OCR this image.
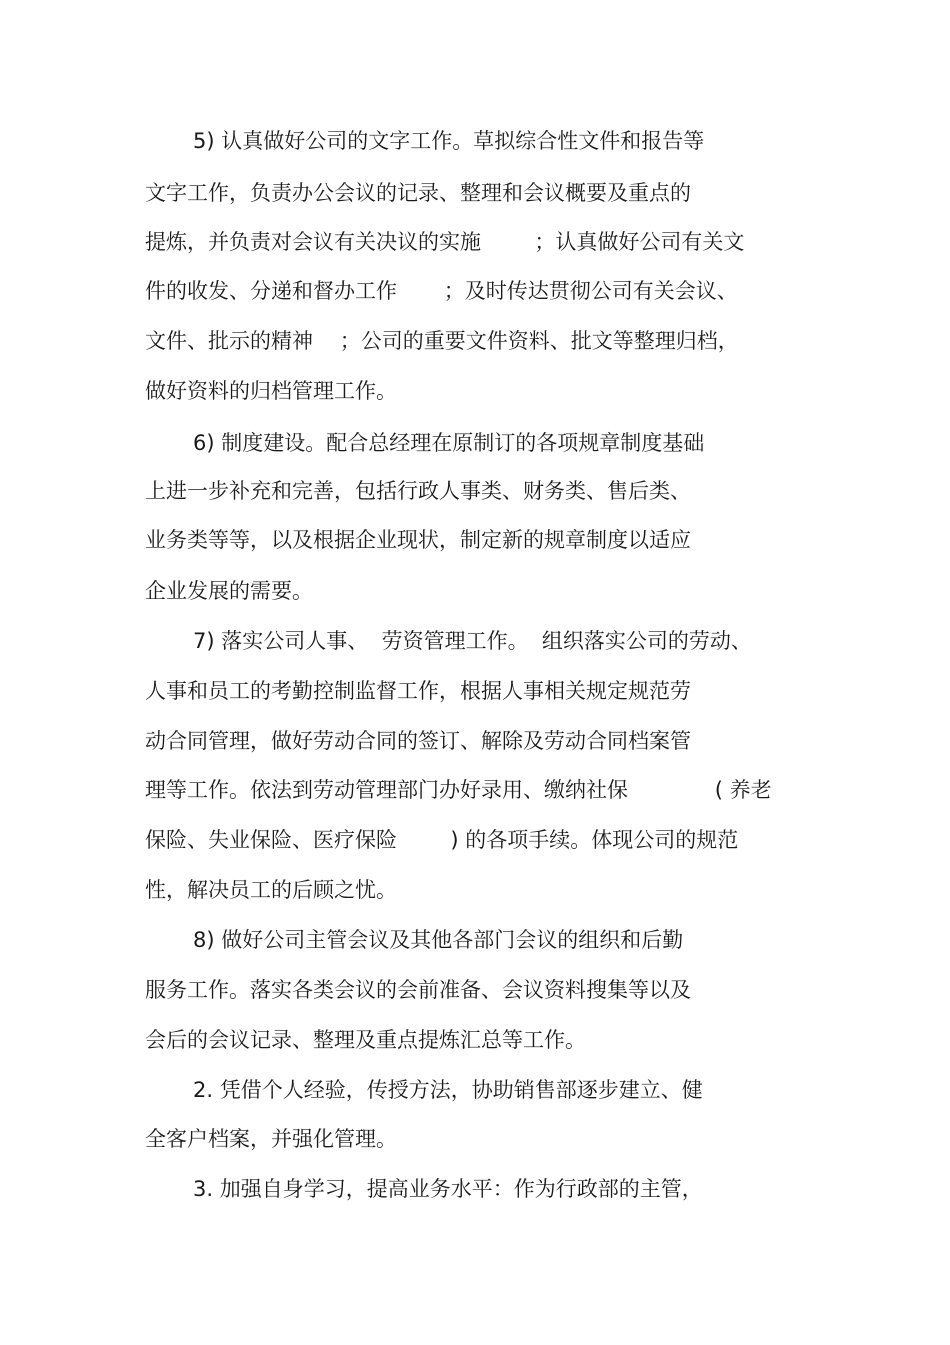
5) 认真做好公司的文字工作。草拟综合性文件和报告等

文字工作，负责办公会议的记录、整理和会议概要及重点的

提炼，并负责对会议有关决议的实施        ；认真做好公司有关文

件的收发、分递和督办工作       ；及时传达贯彻公司有关会议、

文件、批示的精神    ；公司的重要文件资料、批文等整理归档，

做好资料的归档管理工作。

6) 制度建设。配合总经理在原制订的各项规章制度基础

上进一步补充和完善，包括行政人事类、财务类、售后类、

业务类等等，以及根据企业现状，制定新的规章制度以适应

企业发展的需要。

7) 落实公司人事、  劳资管理工作。  组织落实公司的劳动、

人事和员工的考勤控制监督工作，根据人事相关规定规范劳

动合同管理，做好劳动合同的签订、解除及劳动合同档案管

理等工作。依法到劳动管理部门办好录用、缴纳社保             ( 养老

保险、失业保险、医疗保险        ) 的各项手续。体现公司的规范

性，解决员工的后顾之忧。

8) 做好公司主管会议及其他各部门会议的组织和后勤

服务工作。落实各类会议的会前准备、会议资料搜集等以及

会后的会议记录、整理及重点提炼汇总等工作。

2. 凭借个人经验，传授方法，协助销售部逐步建立、健

全客户档案，并强化管理。

3. 加强自身学习，提高业务水平：作为行政部的主管，
